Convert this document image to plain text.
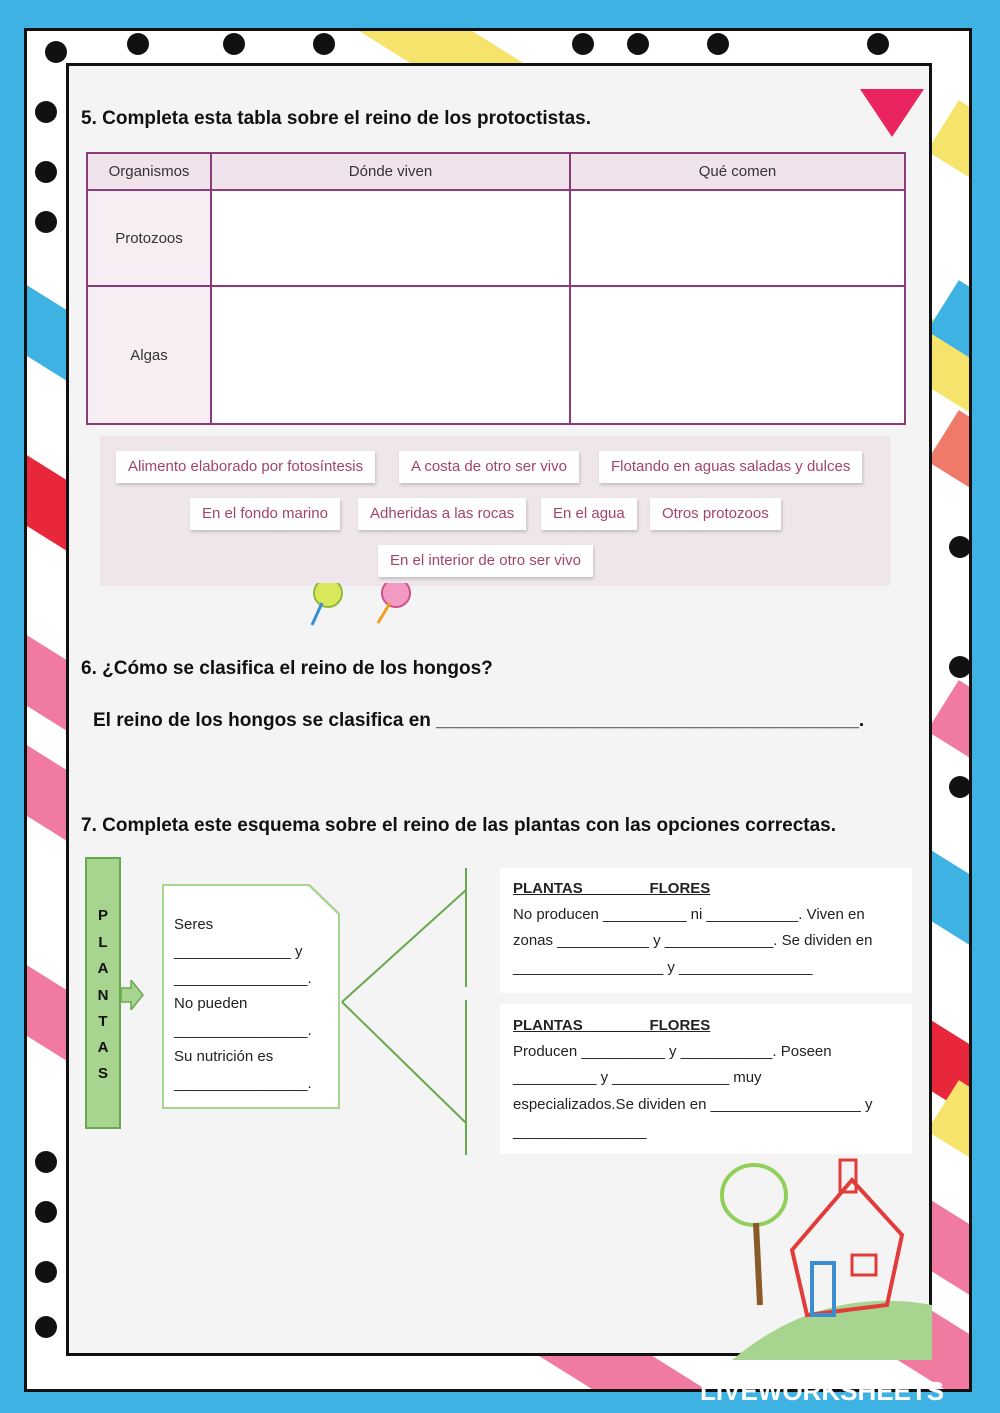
5. Completa esta tabla sobre el reino de los protoctistas.
Organismos	Dónde viven	Qué comen
Protozoos		
Algas		
Alimento elaborado por fotosíntesis	A costa de otro ser vivo	Flotando en aguas saladas y dulces
En el fondo marino	Adheridas a las rocas	En el agua	Otros protozoos
En el interior de otro ser vivo
6. ¿Cómo se clasifica el reino de los hongos?
El reino de los hongos se clasifica en ________________________________________.
7. Completa este esquema sobre el reino de las plantas con las opciones correctas.
P
L
A
N
T
A
S
Seres
______________ y
________________.
No pueden
________________.
Su nutrición es
________________.
PLANTAS _______ FLORES
No producen __________ ni ___________. Viven en
zonas ___________ y _____________. Se dividen en
__________________ y ________________
PLANTAS _______ FLORES
Producen __________ y ___________. Poseen
__________ y ______________ muy
especializados.Se dividen en __________________ y
________________
LIVEWORKSHEETS
